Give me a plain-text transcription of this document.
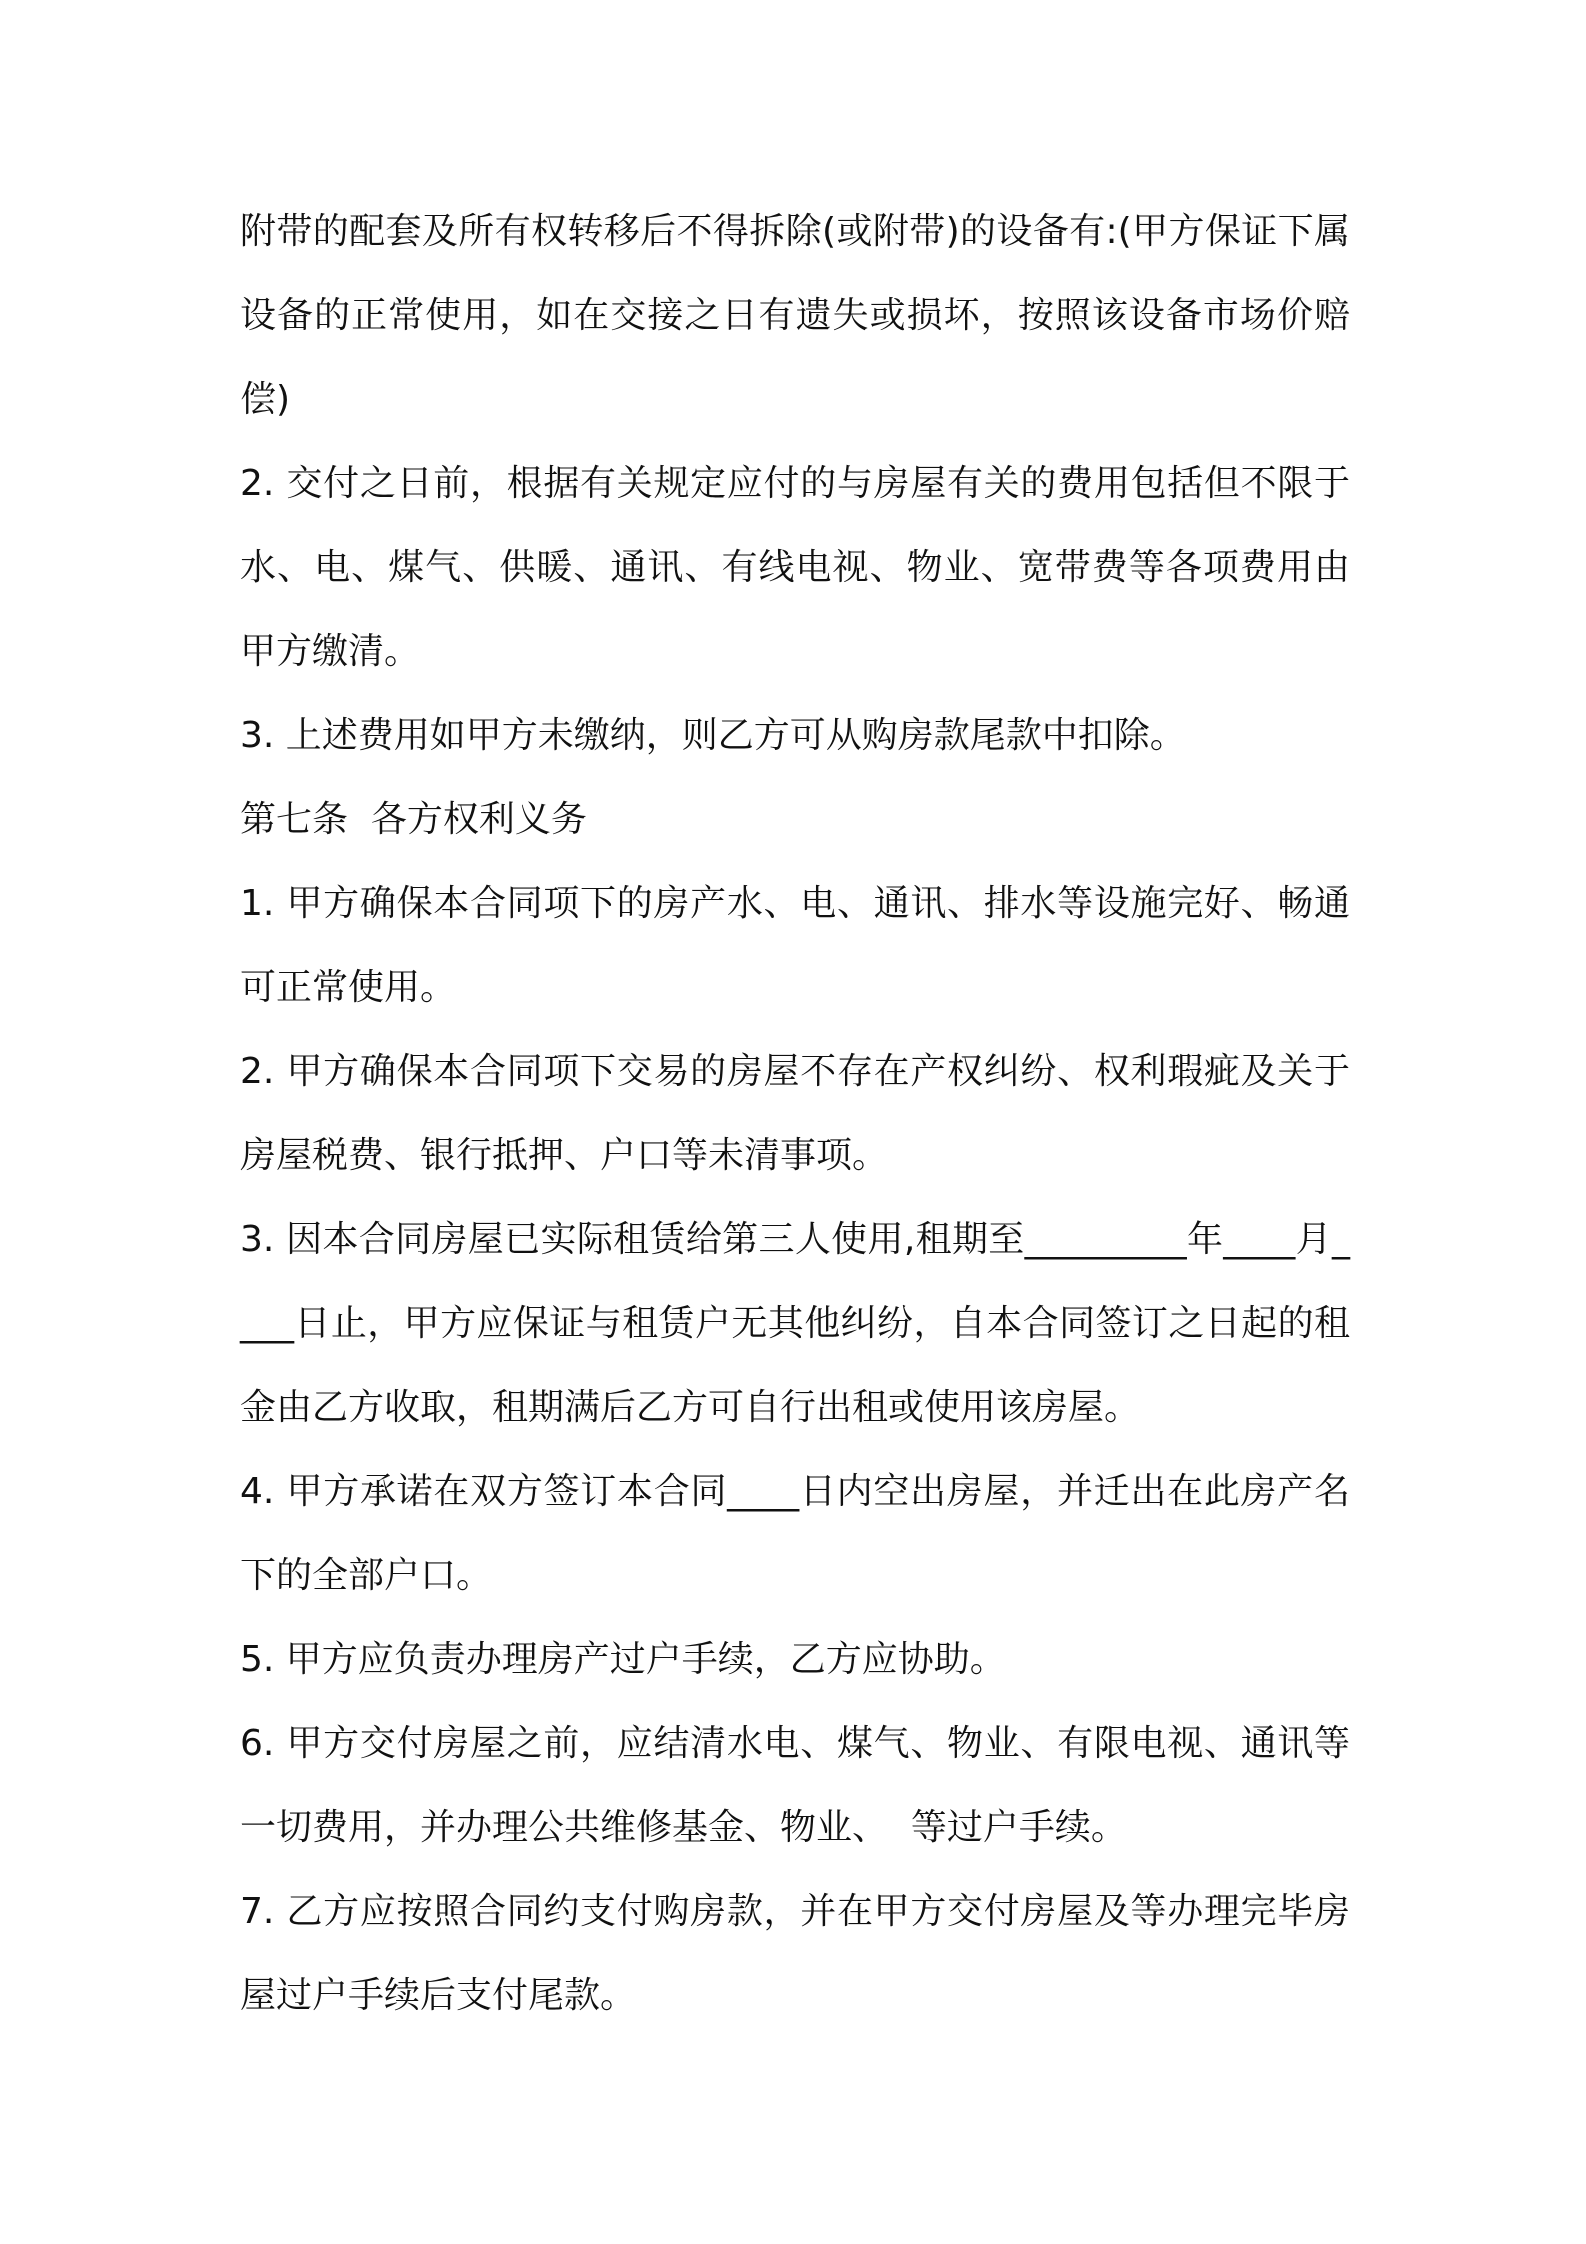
附带的配套及所有权转移后不得拆除(或附带)的设备有:(甲方保证下属设备的正常使用，如在交接之日有遗失或损坏，按照该设备市场价赔偿)

2. 交付之日前，根据有关规定应付的与房屋有关的费用包括但不限于水、电、煤气、供暖、通讯、有线电视、物业、宽带费等各项费用由甲方缴清。

3. 上述费用如甲方未缴纳，则乙方可从购房款尾款中扣除。

第七条  各方权利义务

1. 甲方确保本合同项下的房产水、电、通讯、排水等设施完好、畅通可正常使用。

2. 甲方确保本合同项下交易的房屋不存在产权纠纷、权利瑕疵及关于房屋税费、银行抵押、户口等未清事项。

3. 因本合同房屋已实际租赁给第三人使用,租期至_________年____月____日止，甲方应保证与租赁户无其他纠纷，自本合同签订之日起的租金由乙方收取，租期满后乙方可自行出租或使用该房屋。

4. 甲方承诺在双方签订本合同____日内空出房屋，并迁出在此房产名下的全部户口。

5. 甲方应负责办理房产过户手续，乙方应协助。

6. 甲方交付房屋之前，应结清水电、煤气、物业、有限电视、通讯等一切费用，并办理公共维修基金、物业、  等过户手续。

7. 乙方应按照合同约支付购房款，并在甲方交付房屋及等办理完毕房屋过户手续后支付尾款。
